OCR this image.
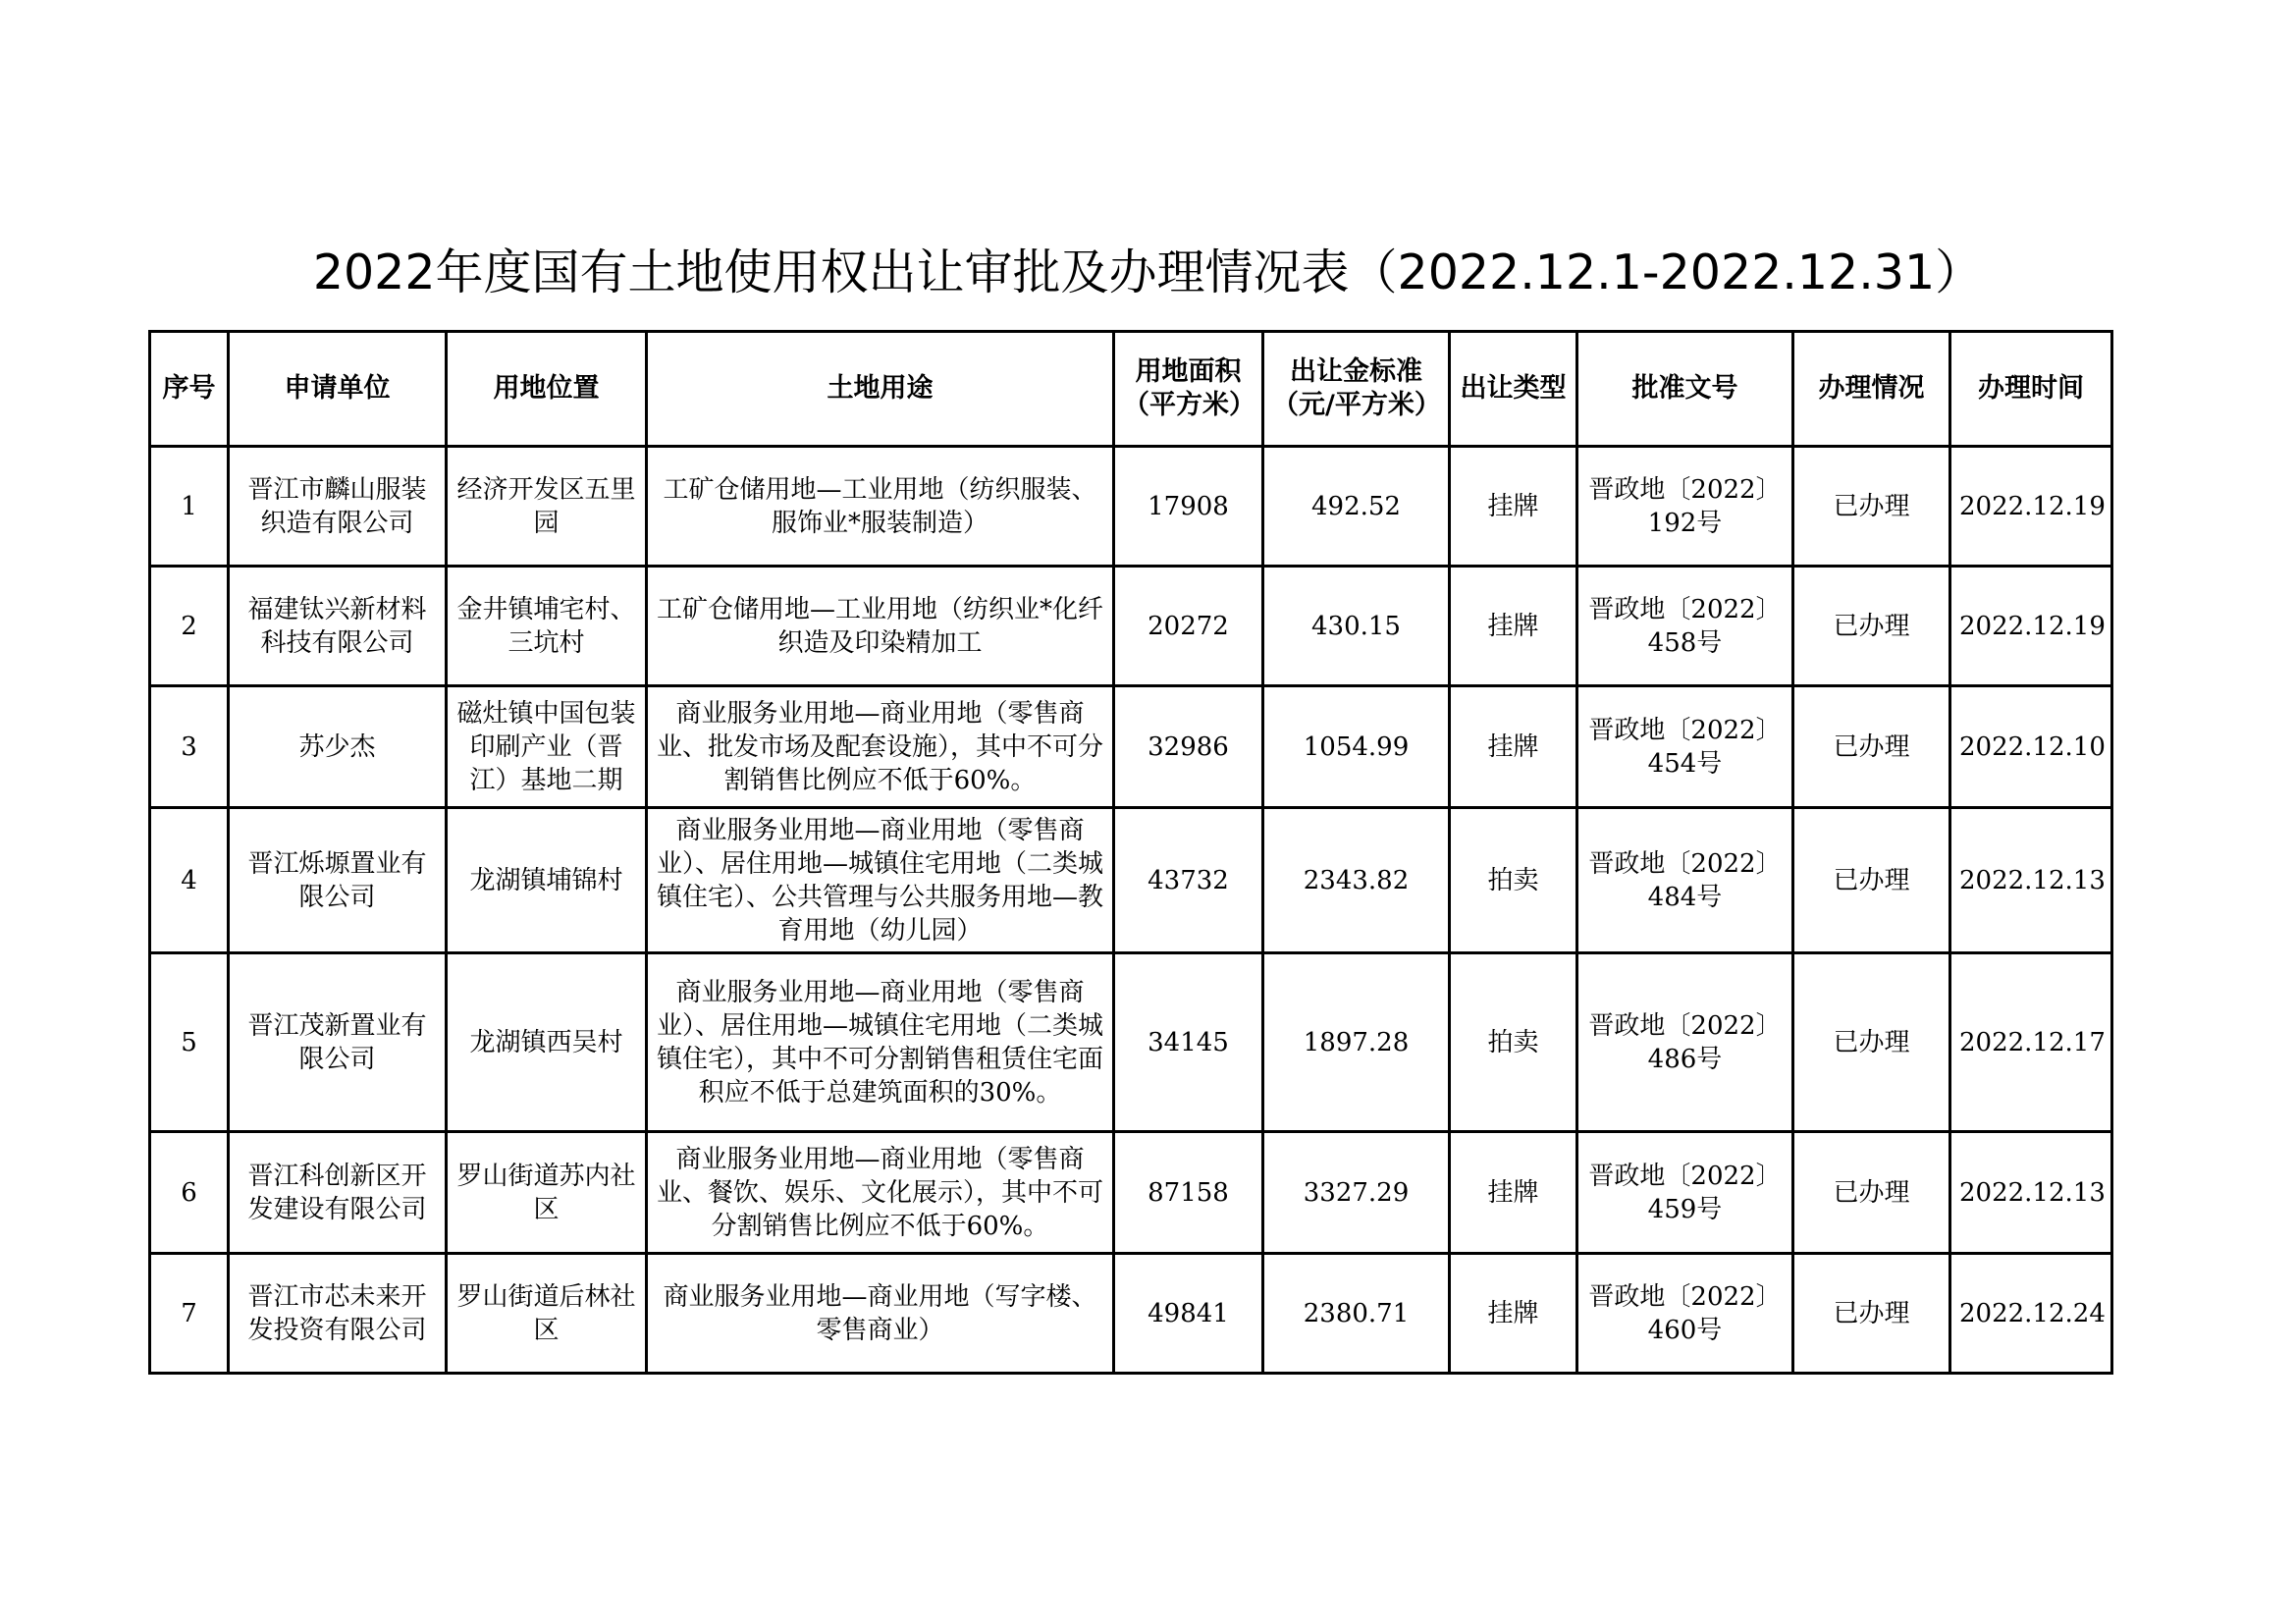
2022年度国有土地使用权出让审批及办理情况表（2022.12.1-2022.12.31）
序号	申请单位	用地位置	土地用途	用地面积（平方米）	出让金标准（元/平方米）	出让类型	批准文号	办理情况	办理时间
1	晋江市麟山服装织造有限公司	经济开发区五里园	工矿仓储用地—工业用地（纺织服装、服饰业*服装制造）	17908	492.52	挂牌	晋政地〔2022〕192号	已办理	2022.12.19
2	福建钛兴新材料科技有限公司	金井镇埔宅村、三坑村	工矿仓储用地—工业用地（纺织业*化纤织造及印染精加工	20272	430.15	挂牌	晋政地〔2022〕458号	已办理	2022.12.19
3	苏少杰	磁灶镇中国包装印刷产业（晋江）基地二期	商业服务业用地—商业用地（零售商业、批发市场及配套设施），其中不可分割销售比例应不低于60%。	32986	1054.99	挂牌	晋政地〔2022〕454号	已办理	2022.12.10
4	晋江烁塬置业有限公司	龙湖镇埔锦村	商业服务业用地—商业用地（零售商业）、居住用地—城镇住宅用地（二类城镇住宅）、公共管理与公共服务用地—教育用地（幼儿园）	43732	2343.82	拍卖	晋政地〔2022〕484号	已办理	2022.12.13
5	晋江茂新置业有限公司	龙湖镇西吴村	商业服务业用地—商业用地（零售商业）、居住用地—城镇住宅用地（二类城镇住宅），其中不可分割销售租赁住宅面积应不低于总建筑面积的30%。	34145	1897.28	拍卖	晋政地〔2022〕486号	已办理	2022.12.17
6	晋江科创新区开发建设有限公司	罗山街道苏内社区	商业服务业用地—商业用地（零售商业、餐饮、娱乐、文化展示），其中不可分割销售比例应不低于60%。	87158	3327.29	挂牌	晋政地〔2022〕459号	已办理	2022.12.13
7	晋江市芯未来开发投资有限公司	罗山街道后林社区	商业服务业用地—商业用地（写字楼、零售商业）	49841	2380.71	挂牌	晋政地〔2022〕460号	已办理	2022.12.24
